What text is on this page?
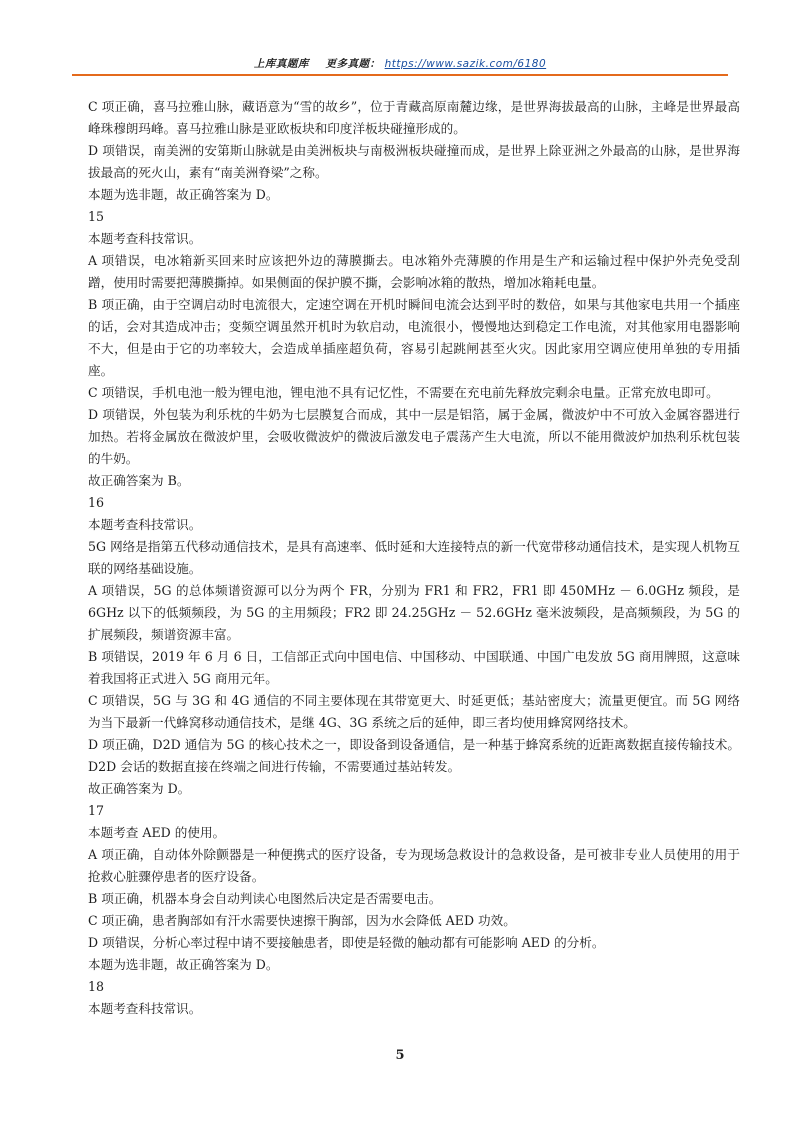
上库真题库 更多真题： https://www.sazik.com/6180

C 项正确，喜马拉雅山脉，藏语意为“雪的故乡”，位于青藏高原南麓边缘，是世界海拔最高的山脉，主峰是世界最高峰珠穆朗玛峰。喜马拉雅山脉是亚欧板块和印度洋板块碰撞形成的。

D 项错误，南美洲的安第斯山脉就是由美洲板块与南极洲板块碰撞而成，是世界上除亚洲之外最高的山脉，是世界海拔最高的死火山，素有“南美洲脊梁”之称。

本题为选非题，故正确答案为 D。

15

本题考查科技常识。

A 项错误，电冰箱新买回来时应该把外边的薄膜撕去。电冰箱外壳薄膜的作用是生产和运输过程中保护外壳免受刮蹭，使用时需要把薄膜撕掉。如果侧面的保护膜不撕，会影响冰箱的散热，增加冰箱耗电量。

B 项正确，由于空调启动时电流很大，定速空调在开机时瞬间电流会达到平时的数倍，如果与其他家电共用一个插座的话，会对其造成冲击；变频空调虽然开机时为软启动，电流很小，慢慢地达到稳定工作电流，对其他家用电器影响不大，但是由于它的功率较大，会造成单插座超负荷，容易引起跳闸甚至火灾。因此家用空调应使用单独的专用插座。

C 项错误，手机电池一般为锂电池，锂电池不具有记忆性，不需要在充电前先释放完剩余电量。正常充放电即可。

D 项错误，外包装为利乐枕的牛奶为七层膜复合而成，其中一层是铝箔，属于金属，微波炉中不可放入金属容器进行加热。若将金属放在微波炉里，会吸收微波炉的微波后激发电子震荡产生大电流，所以不能用微波炉加热利乐枕包装的牛奶。

故正确答案为 B。

16

本题考查科技常识。

5G 网络是指第五代移动通信技术，是具有高速率、低时延和大连接特点的新一代宽带移动通信技术，是实现人机物互联的网络基础设施。

A 项错误，5G 的总体频谱资源可以分为两个 FR，分别为 FR1 和 FR2，FR1 即 450MHz － 6.0GHz 频段，是 6GHz 以下的低频频段，为 5G 的主用频段；FR2 即 24.25GHz － 52.6GHz 毫米波频段，是高频频段，为 5G 的扩展频段，频谱资源丰富。

B 项错误，2019 年 6 月 6 日，工信部正式向中国电信、中国移动、中国联通、中国广电发放 5G 商用牌照，这意味着我国将正式进入 5G 商用元年。

C 项错误，5G 与 3G 和 4G 通信的不同主要体现在其带宽更大、时延更低；基站密度大；流量更便宜。而 5G 网络为当下最新一代蜂窝移动通信技术，是继 4G、3G 系统之后的延伸，即三者均使用蜂窝网络技术。

D 项正确，D2D 通信为 5G 的核心技术之一，即设备到设备通信，是一种基于蜂窝系统的近距离数据直接传输技术。D2D 会话的数据直接在终端之间进行传输，不需要通过基站转发。

故正确答案为 D。

17

本题考查 AED 的使用。

A 项正确，自动体外除颤器是一种便携式的医疗设备，专为现场急救设计的急救设备，是可被非专业人员使用的用于抢救心脏骤停患者的医疗设备。

B 项正确，机器本身会自动判读心电图然后决定是否需要电击。

C 项正确，患者胸部如有汗水需要快速擦干胸部，因为水会降低 AED 功效。

D 项错误，分析心率过程中请不要接触患者，即使是轻微的触动都有可能影响 AED 的分析。

本题为选非题，故正确答案为 D。

18

本题考查科技常识。

5
